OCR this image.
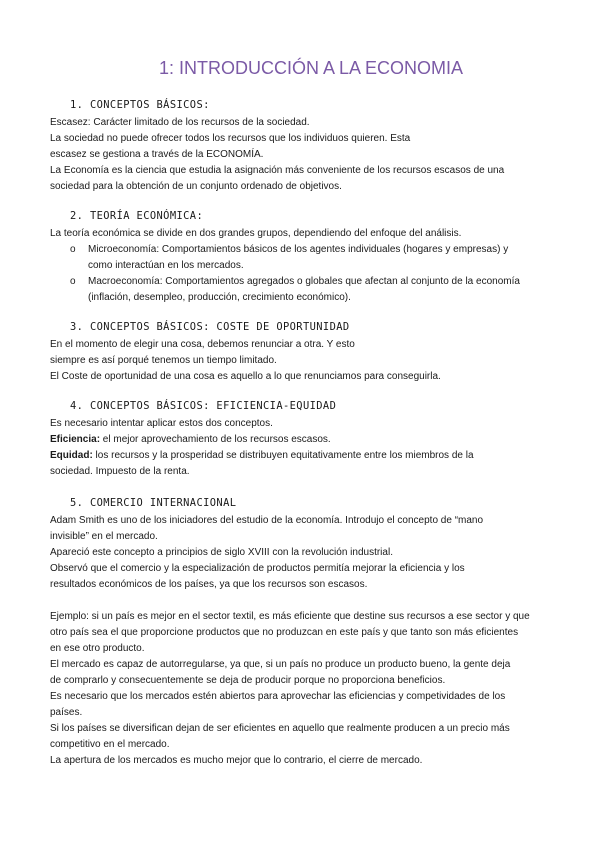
1: INTRODUCCIÓN A LA ECONOMIA
1. CONCEPTOS BÁSICOS:

Escasez: Carácter limitado de los recursos de la sociedad.

La sociedad no puede ofrecer todos los recursos que los individuos quieren. Esta

escasez se gestiona a través de la ECONOMÍA.

La Economía es la ciencia que estudia la asignación más conveniente de los recursos escasos de una

sociedad para la obtención de un conjunto ordenado de objetivos.

2. TEORÍA ECONÓMICA:

La teoría económica se divide en dos grandes grupos, dependiendo del enfoque del análisis.

o Microeconomía: Comportamientos básicos de los agentes individuales (hogares y empresas) y
como interactúan en los mercados.
o Macroeconomía: Comportamientos agregados o globales que afectan al conjunto de la economía
(inflación, desempleo, producción, crecimiento económico).
3. CONCEPTOS BÁSICOS: COSTE DE OPORTUNIDAD

En el momento de elegir una cosa, debemos renunciar a otra. Y esto

siempre es así porqué tenemos un tiempo limitado.

El Coste de oportunidad de una cosa es aquello a lo que renunciamos para conseguirla.

4. CONCEPTOS BÁSICOS: EFICIENCIA-EQUIDAD

Es necesario intentar aplicar estos dos conceptos.

Eficiencia: el mejor aprovechamiento de los recursos escasos.

Equidad: los recursos y la prosperidad se distribuyen equitativamente entre los miembros de la

sociedad. Impuesto de la renta.

5. COMERCIO INTERNACIONAL

Adam Smith es uno de los iniciadores del estudio de la economía. Introdujo el concepto de “mano

invisible” en el mercado.

Apareció este concepto a principios de siglo XVIII con la revolución industrial.

Observó que el comercio y la especialización de productos permitía mejorar la eficiencia y los

resultados económicos de los países, ya que los recursos son escasos.

Ejemplo: si un país es mejor en el sector textil, es más eficiente que destine sus recursos a ese sector y que

otro país sea el que proporcione productos que no produzcan en este país y que tanto son más eficientes

en ese otro producto.

El mercado es capaz de autorregularse, ya que, si un país no produce un producto bueno, la gente deja

de comprarlo y consecuentemente se deja de producir porque no proporciona beneficios.

Es necesario que los mercados estén abiertos para aprovechar las eficiencias y competividades de los

países.

Si los países se diversifican dejan de ser eficientes en aquello que realmente producen a un precio más

competitivo en el mercado.

La apertura de los mercados es mucho mejor que lo contrario, el cierre de mercado.
